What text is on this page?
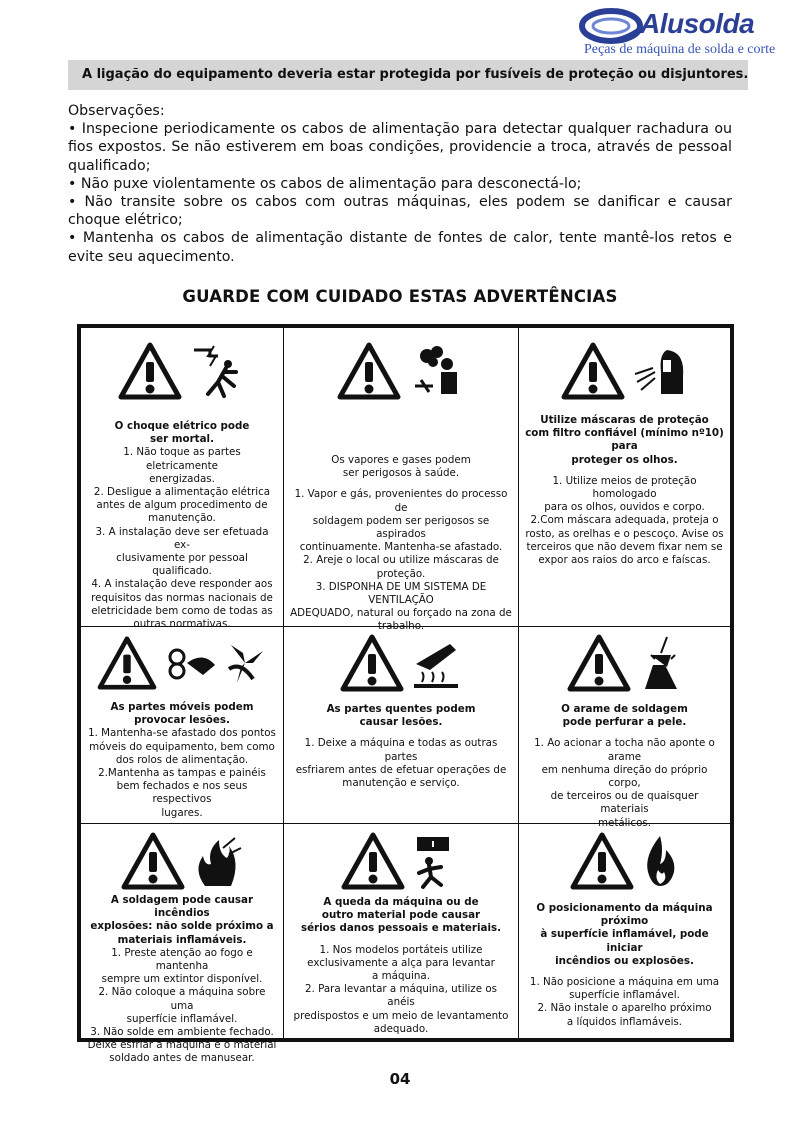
Alusolda
Peças de máquina de solda e corte
A ligação do equipamento deveria estar protegida por fusíveis de proteção ou disjuntores.
Observações:
• Inspecione periodicamente os cabos de alimentação para detectar qualquer rachadura ou fios expostos. Se não estiverem em boas condições, providencie a troca, através de pessoal qualificado;
• Não puxe violentamente os cabos de alimentação para desconectá-lo;
• Não transite sobre os cabos com outras máquinas, eles podem se danificar e causar choque elétrico;
• Mantenha os cabos de alimentação distante de fontes de calor, tente mantê-los retos e evite seu aquecimento.
GUARDE COM CUIDADO ESTAS ADVERTÊNCIAS

O choque elétrico pode
ser mortal.

1. Não toque as partes eletricamente
energizadas.
2. Desligue a alimentação elétrica
antes de algum procedimento de
manutenção.
3. A instalação deve ser efetuada ex-
clusivamente por pessoal qualificado.
4. A instalação deve responder aos
requisitos das normas nacionais de
eletricidade bem como de todas as
outras normativas.

Os vapores e gases podem
ser perigosos à saúde.

1. Vapor e gás, provenientes do processo de
soldagem podem ser perigosos se aspirados
continuamente. Mantenha-se afastado.
2. Areje o local ou utilize máscaras de
proteção.
3. DISPONHA DE UM SISTEMA DE VENTILAÇÃO
ADEQUADO, natural ou forçado na zona de
trabalho.

Utilize máscaras de proteção
com filtro confiável (mínimo nº10) para
proteger os olhos.

1. Utilize meios de proteção homologado
para os olhos, ouvidos e corpo.
2.Com máscara adequada, proteja o
rosto, as orelhas e o pescoço. Avise os
terceiros que não devem fixar nem se
expor aos raios do arco e faíscas.

As partes móveis podem
provocar lesões.

1. Mantenha-se afastado dos pontos
móveis do equipamento, bem como
dos rolos de alimentação.
2.Mantenha as tampas e painéis
bem fechados e nos seus respectivos
lugares.

As partes quentes podem
causar lesões.

1. Deixe a máquina e todas as outras partes
esfriarem antes de efetuar operações de
manutenção e serviço.

O arame de soldagem
pode perfurar a pele.

1. Ao acionar a tocha não aponte o arame
em nenhuma direção do próprio corpo,
de terceiros ou de quaisquer materiais
metálicos.

A soldagem pode causar incêndios
explosões: não solde próximo a
materiais inflamáveis.

1. Preste atenção ao fogo e mantenha
sempre um extintor disponível.
2. Não coloque a máquina sobre uma
superfície inflamável.
3. Não solde em ambiente fechado.
Deixe esfriar a máquina e o material
soldado antes de manusear.

A queda da máquina ou de
outro material pode causar
sérios danos pessoais e materiais.

1. Nos modelos portáteis utilize
exclusivamente a alça para levantar
a máquina.
2. Para levantar a máquina, utilize os anéis
predispostos e um meio de levantamento
adequado.

O posicionamento da máquina próximo
à superfície inflamável, pode iniciar
incêndios ou explosões.

1. Não posicione a máquina em uma
superfície inflamável.
2. Não instale o aparelho próximo
a líquidos inflamáveis.

04
